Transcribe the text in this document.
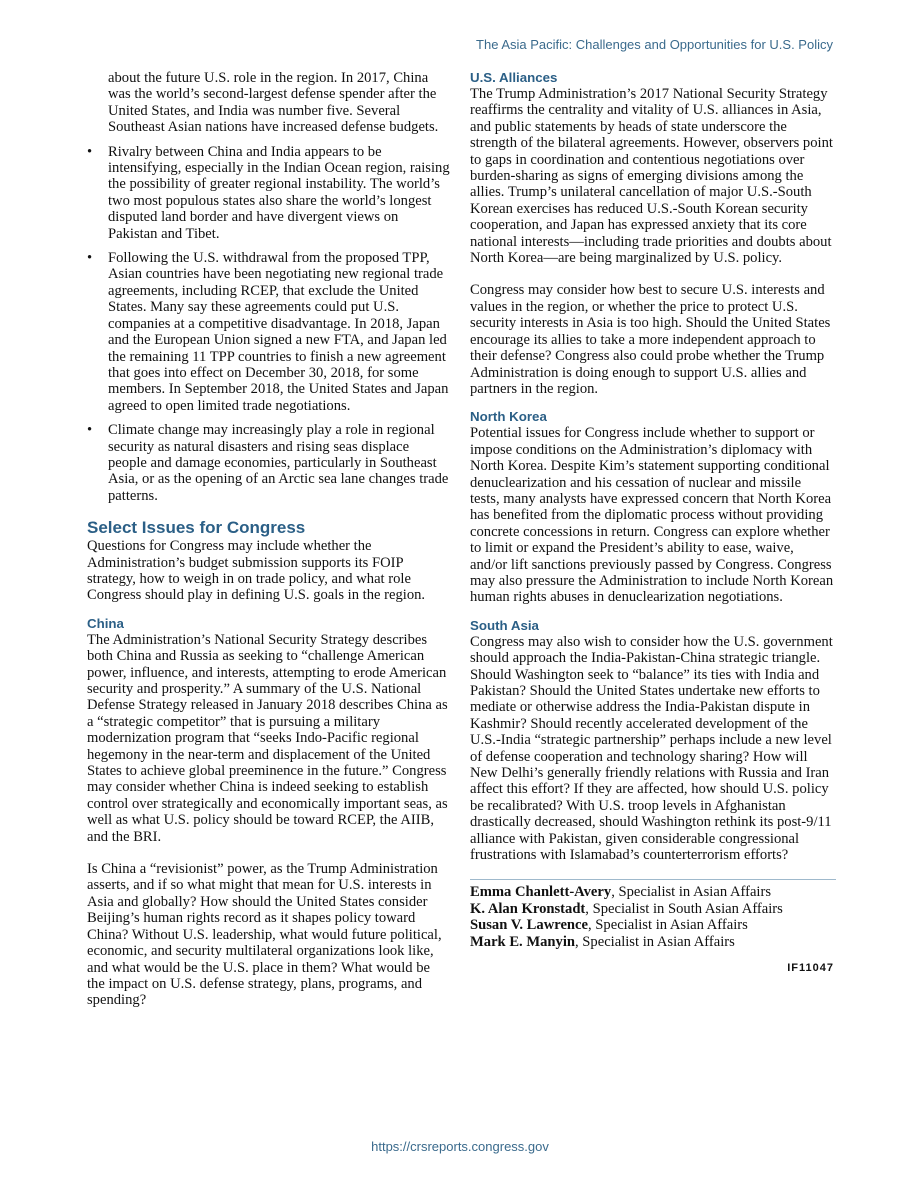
The Asia Pacific: Challenges and Opportunities for U.S. Policy

about the future U.S. role in the region. In 2017, China was the world’s second-largest defense spender after the United States, and India was number five. Several Southeast Asian nations have increased defense budgets.

• Rivalry between China and India appears to be intensifying, especially in the Indian Ocean region, raising the possibility of greater regional instability. The world’s two most populous states also share the world’s longest disputed land border and have divergent views on Pakistan and Tibet.
• Following the U.S. withdrawal from the proposed TPP, Asian countries have been negotiating new regional trade agreements, including RCEP, that exclude the United States. Many say these agreements could put U.S. companies at a competitive disadvantage. In 2018, Japan and the European Union signed a new FTA, and Japan led the remaining 11 TPP countries to finish a new agreement that goes into effect on December 30, 2018, for some members. In September 2018, the United States and Japan agreed to open limited trade negotiations.
• Climate change may increasingly play a role in regional security as natural disasters and rising seas displace people and damage economies, particularly in Southeast Asia, or as the opening of an Arctic sea lane changes trade patterns.
Select Issues for Congress

Questions for Congress may include whether the Administration’s budget submission supports its FOIP strategy, how to weigh in on trade policy, and what role Congress should play in defining U.S. goals in the region.

China

The Administration’s National Security Strategy describes both China and Russia as seeking to “challenge American power, influence, and interests, attempting to erode American security and prosperity.” A summary of the U.S. National Defense Strategy released in January 2018 describes China as a “strategic competitor” that is pursuing a military modernization program that “seeks Indo-Pacific regional hegemony in the near-term and displacement of the United States to achieve global preeminence in the future.” Congress may consider whether China is indeed seeking to establish control over strategically and economically important seas, as well as what U.S. policy should be toward RCEP, the AIIB, and the BRI.

Is China a “revisionist” power, as the Trump Administration asserts, and if so what might that mean for U.S. interests in Asia and globally? How should the United States consider Beijing’s human rights record as it shapes policy toward China? Without U.S. leadership, what would future political, economic, and security multilateral organizations look like, and what would be the U.S. place in them? What would be the impact on U.S. defense strategy, plans, programs, and spending?

U.S. Alliances

The Trump Administration’s 2017 National Security Strategy reaffirms the centrality and vitality of U.S. alliances in Asia, and public statements by heads of state underscore the strength of the bilateral agreements. However, observers point to gaps in coordination and contentious negotiations over burden-sharing as signs of emerging divisions among the allies. Trump’s unilateral cancellation of major U.S.-South Korean exercises has reduced U.S.-South Korean security cooperation, and Japan has expressed anxiety that its core national interests—including trade priorities and doubts about North Korea—are being marginalized by U.S. policy.

Congress may consider how best to secure U.S. interests and values in the region, or whether the price to protect U.S. security interests in Asia is too high. Should the United States encourage its allies to take a more independent approach to their defense? Congress also could probe whether the Trump Administration is doing enough to support U.S. allies and partners in the region.

North Korea

Potential issues for Congress include whether to support or impose conditions on the Administration’s diplomacy with North Korea. Despite Kim’s statement supporting conditional denuclearization and his cessation of nuclear and missile tests, many analysts have expressed concern that North Korea has benefited from the diplomatic process without providing concrete concessions in return. Congress can explore whether to limit or expand the President’s ability to ease, waive, and/or lift sanctions previously passed by Congress. Congress may also pressure the Administration to include North Korean human rights abuses in denuclearization negotiations.

South Asia

Congress may also wish to consider how the U.S. government should approach the India-Pakistan-China strategic triangle. Should Washington seek to “balance” its ties with India and Pakistan? Should the United States undertake new efforts to mediate or otherwise address the India-Pakistan dispute in Kashmir? Should recently accelerated development of the U.S.-India “strategic partnership” perhaps include a new level of defense cooperation and technology sharing? How will New Delhi’s generally friendly relations with Russia and Iran affect this effort? If they are affected, how should U.S. policy be recalibrated? With U.S. troop levels in Afghanistan drastically decreased, should Washington rethink its post-9/11 alliance with Pakistan, given considerable congressional frustrations with Islamabad’s counterterrorism efforts?

Emma Chanlett-Avery, Specialist in Asian Affairs
K. Alan Kronstadt, Specialist in South Asian Affairs
Susan V. Lawrence, Specialist in Asian Affairs
Mark E. Manyin, Specialist in Asian Affairs
IF11047
https://crsreports.congress.gov
